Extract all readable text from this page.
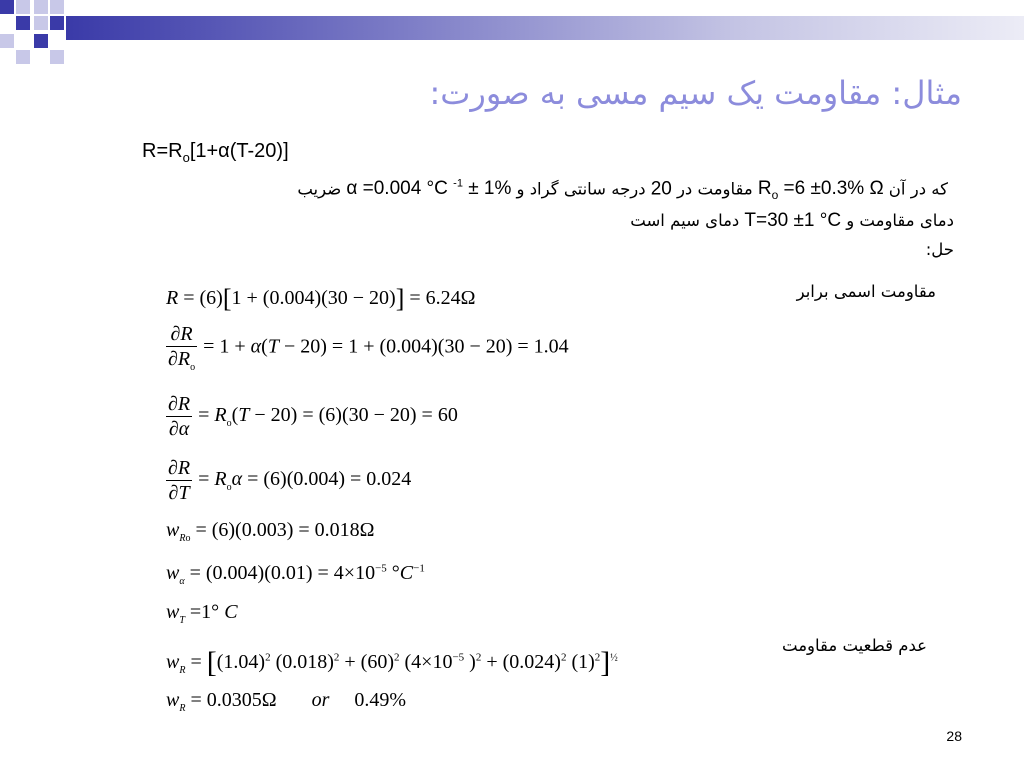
مثال: مقاومت یک سیم مسی به صورت:
$R=R_o[1+\alpha(T-20)]$
که در آن $R_o =6 \pm 0.3\%$ Ω مقاومت در 20 درجه سانتی گراد و α =0.004 °C $^{-1}$ ± 1% ضریب
دمای مقاومت و T=30 ±1 °C دمای سیم است
حل:
مقاومت اسمی برابر
عدم قطعیت مقاومت
R = (6)[1 + (0.004)(30 − 20)] = 6.24Ω
$\frac{\partial R}{\partial R_o} = 1 + \alpha(T - 20) = 1 + (0.004)(30 - 20) = 1.04$
$\frac{\partial R}{\partial\alpha} = R_o(T - 20) = (6)(30 - 20) = 60$
$\frac{\partial R}{\partial T} = R_o\alpha = (6)(0.004) = 0.024$
$w_{Ro} = (6)(0.003) = 0.018\Omega$
$w_\alpha = (0.004)(0.01) = 4\times 10^{-5}$ $^\circ C^{-1}$
$w_T =1^\circ$ C
$w_R = [(1.04)^2$ $(0.018)^2 + (60)^2$ ($4\times 10^{-5}$ )$^2 + (0.024)^2$ $(1)^2]^{\frac{1}{2}}$
$w_R = 0.0305\Omega$       or     0.49%
28
